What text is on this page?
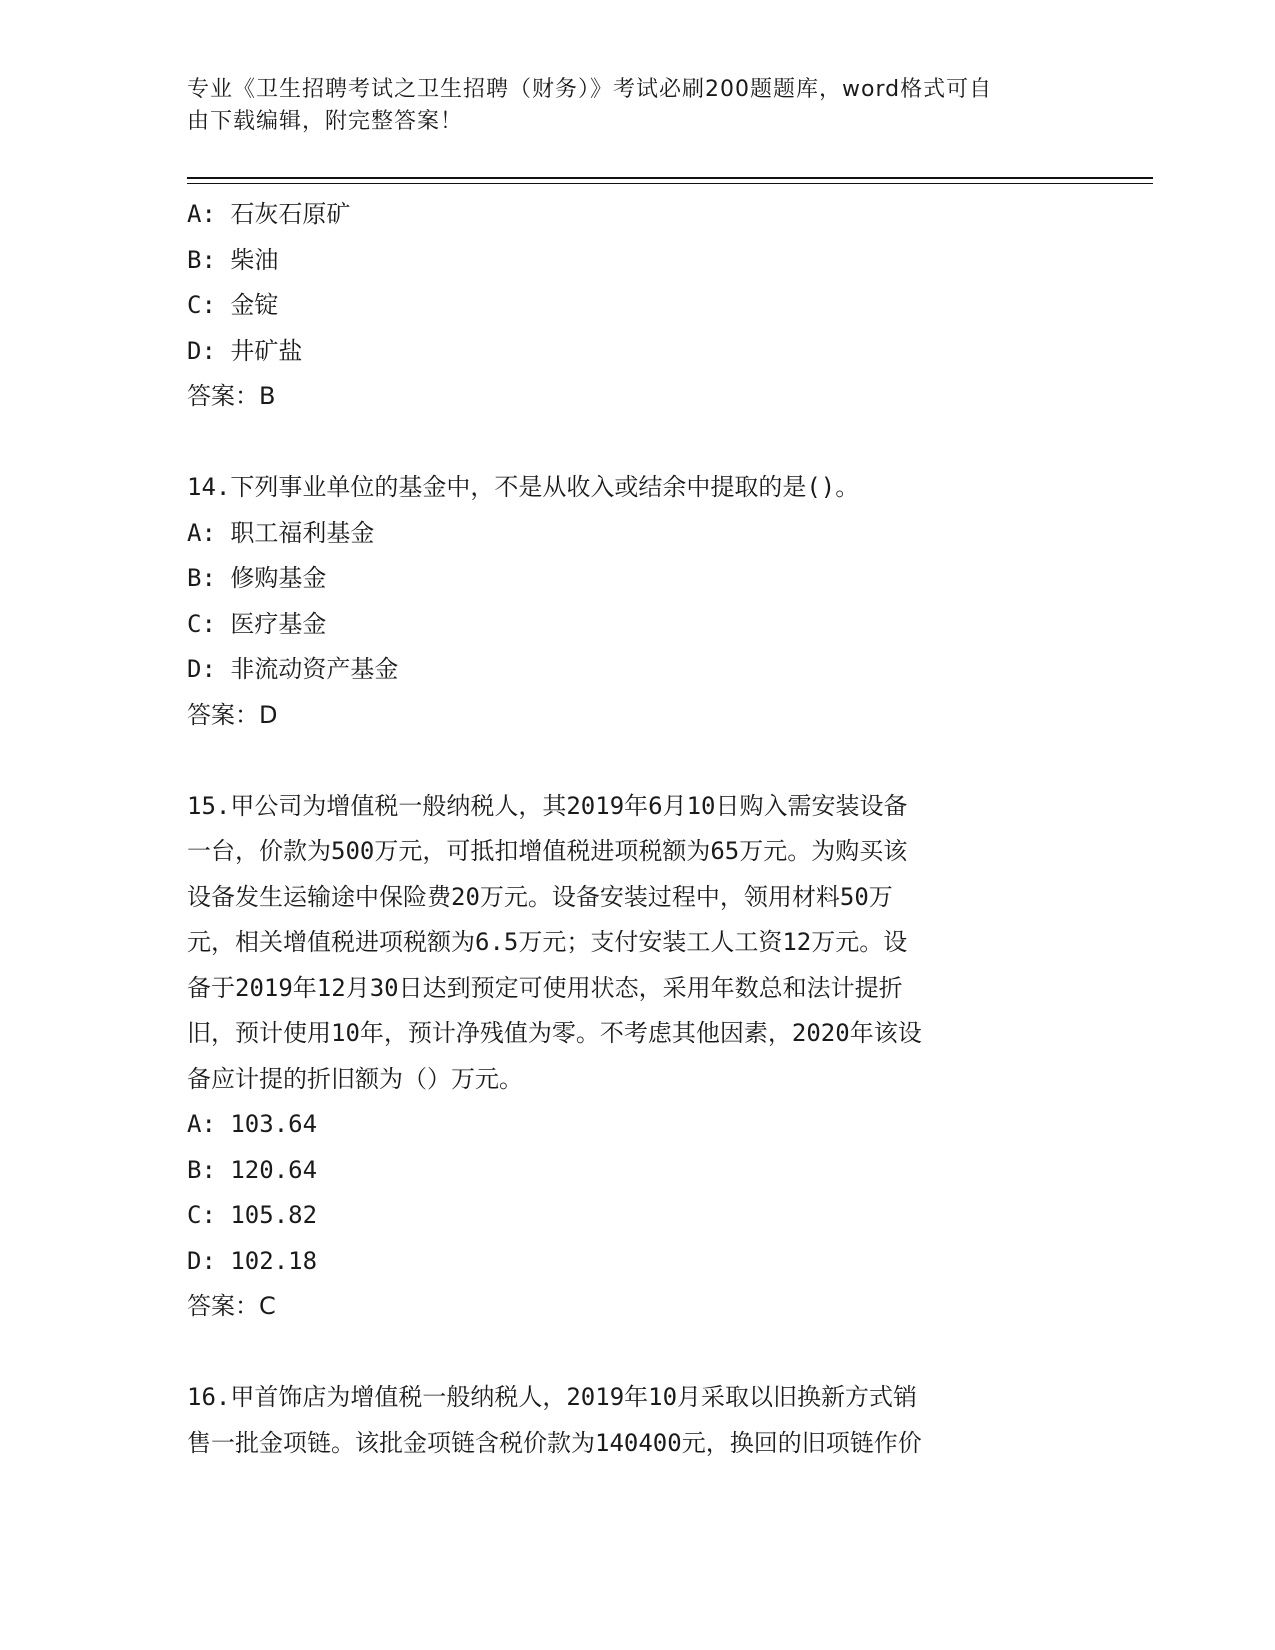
专业《卫生招聘考试之卫生招聘（财务）》考试必刷200题题库，word格式可自
由下载编辑，附完整答案！
A: 石灰石原矿
B: 柴油
C: 金锭
D: 井矿盐
答案：B
14.下列事业单位的基金中，不是从收入或结余中提取的是()。
A: 职工福利基金
B: 修购基金
C: 医疗基金
D: 非流动资产基金
答案：D
15.甲公司为增值税一般纳税人，其2019年6月10日购入需安装设备
一台，价款为500万元，可抵扣增值税进项税额为65万元。为购买该
设备发生运输途中保险费20万元。设备安装过程中，领用材料50万
元，相关增值税进项税额为6.5万元；支付安装工人工资12万元。设
备于2019年12月30日达到预定可使用状态，采用年数总和法计提折
旧，预计使用10年，预计净残值为零。不考虑其他因素，2020年该设
备应计提的折旧额为（）万元。
A: 103.64
B: 120.64
C: 105.82
D: 102.18
答案：C
16.甲首饰店为增值税一般纳税人，2019年10月采取以旧换新方式销
售一批金项链。该批金项链含税价款为140400元，换回的旧项链作价
